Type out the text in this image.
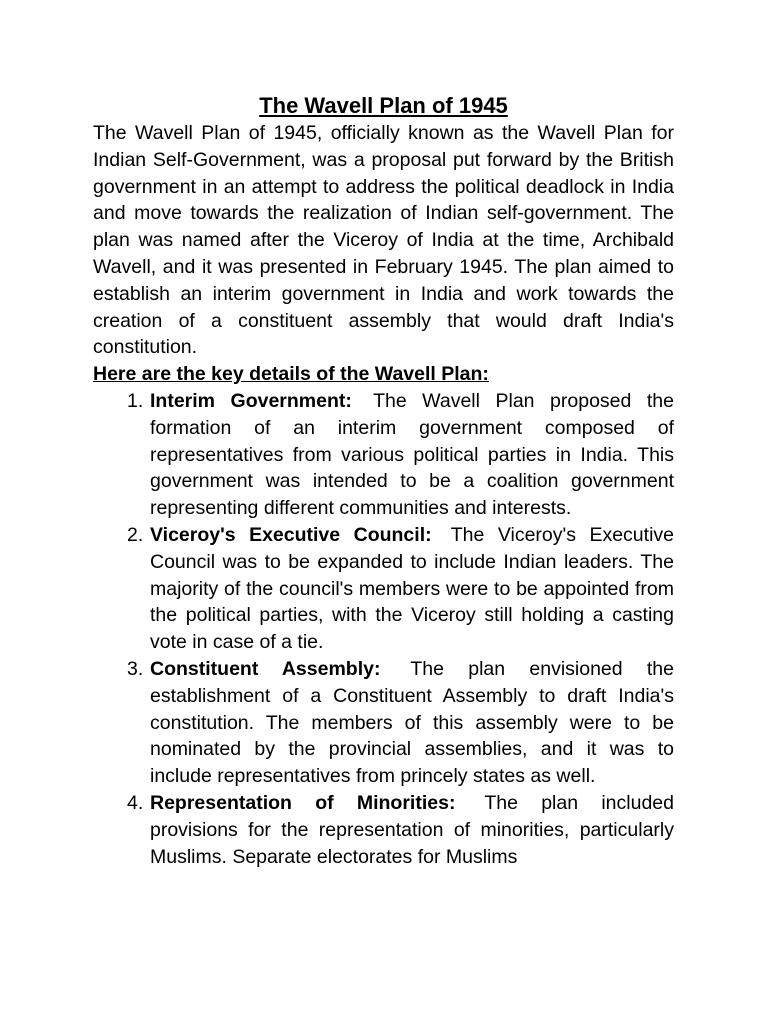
The Wavell Plan of 1945

The Wavell Plan of 1945, officially known as the Wavell Plan for Indian Self-Government, was a proposal put forward by the British government in an attempt to address the political deadlock in India and move towards the realization of Indian self-government. The plan was named after the Viceroy of India at the time, Archibald Wavell, and it was presented in February 1945. The plan aimed to establish an interim government in India and work towards the creation of a constituent assembly that would draft India's constitution.

Here are the key details of the Wavell Plan:

1. Interim Government: The Wavell Plan proposed the formation of an interim government composed of representatives from various political parties in India. This government was intended to be a coalition government representing different communities and interests.
2. Viceroy's Executive Council: The Viceroy's Executive Council was to be expanded to include Indian leaders. The majority of the council's members were to be appointed from the political parties, with the Viceroy still holding a casting vote in case of a tie.
3. Constituent Assembly: The plan envisioned the establishment of a Constituent Assembly to draft India's constitution. The members of this assembly were to be nominated by the provincial assemblies, and it was to include representatives from princely states as well.
4. Representation of Minorities: The plan included provisions for the representation of minorities, particularly Muslims. Separate electorates for Muslims
